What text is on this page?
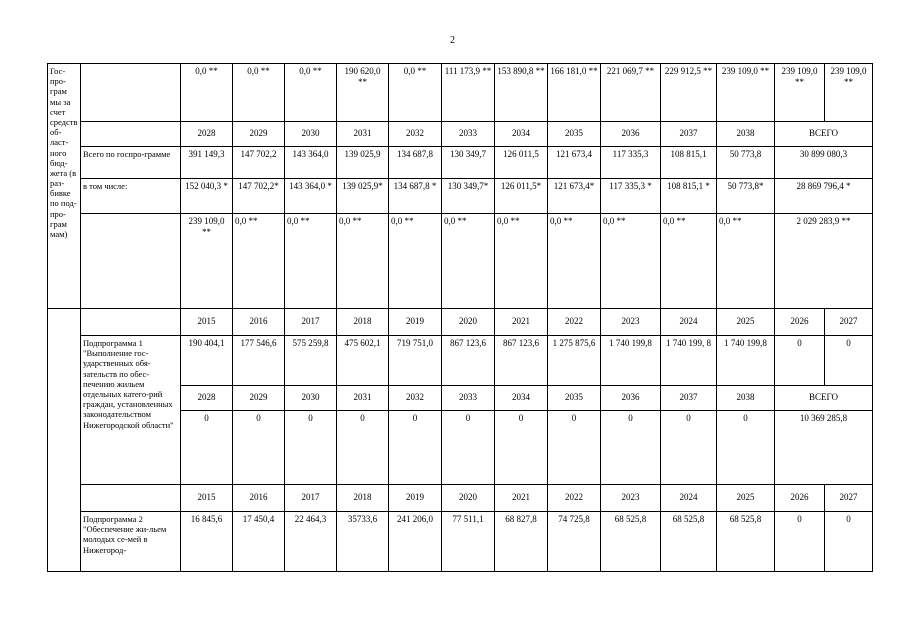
2
Гос-про-грам мы за счет средств об-ласт-ного бюд-жета (в раз-бивке по под-про-грам мам)		0,0 **	0,0 **	0,0 **	190 620,0 **	0,0 **	111 173,9 **	153 890,8 **	166 181,0 **	221 069,7 **	229 912,5 **	239 109,0 **	239 109,0 **	239 109,0 **
		2028	2029	2030	2031	2032	2033	2034	2035	2036	2037	2038	ВСЕГО	
	Всего по госпро-грамме	391 149,3	147 702,2	143 364,0	139 025,9	134 687,8	130 349,7	126 011,5	121 673,4	117 335,3	108 815,1	50 773,8	30 899 080,3	
	в том числе:	152 040,3 *	147 702,2*	143 364,0 *	139 025,9*	134 687,8 *	130 349,7*	126 011,5*	121 673,4*	117 335,3 *	108 815,1 *	50 773,8*	28 869 796,4 *	
		239 109,0 **	0,0 **	0,0 **	0,0 **	0,0 **	0,0 **	0,0 **	0,0 **	0,0 **	0,0 **	0,0 **	2 029 283,9 **	
		2015	2016	2017	2018	2019	2020	2021	2022	2023	2024	2025	2026	2027
	Подпрограмма 1 "Выполнение гос-ударственных обя-зательств по обес-печению жильем отдельных катего-рий граждан, установленных законодательством Нижегородской области"	190 404,1	177 546,6	575 259,8	475 602,1	719 751,0	867 123,6	867 123,6	1 275 875,6	1 740 199,8	1 740 199, 8	1 740 199,8	0	0
		2028	2029	2030	2031	2032	2033	2034	2035	2036	2037	2038	ВСЕГО	
		0	0	0	0	0	0	0	0	0	0	0	10 369 285,8	
		2015	2016	2017	2018	2019	2020	2021	2022	2023	2024	2025	2026	2027
	Подпрограмма 2 "Обеспечение жи-льем молодых се-мей в Нижегород-	16 845,6	17 450,4	22 464,3	35733,6	241 206,0	77 511,1	68 827,8	74 725,8	68 525,8	68 525,8	68 525,8	0	0
